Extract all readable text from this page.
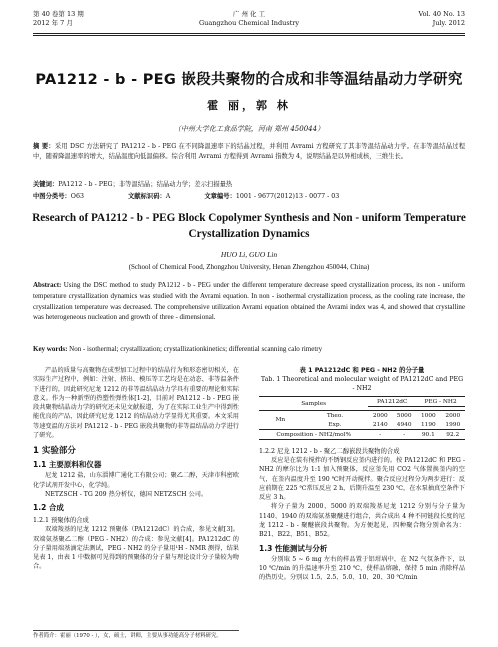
第 40 卷第 13 期
2012 年 7 月
广 州 化 工
Guangzhou Chemical Industry
Vol. 40 No. 13
July. 2012
PA1212 - b - PEG 嵌段共聚物的合成和非等温结晶动力学研究
霍 丽，郭 林
（中州大学化工食品学院，河南 郑州 450044）
摘 要：采用 DSC 方法研究了 PA1212 - b - PEG 在不同降温速率下的结晶过程，并利用 Avrami 方程研究了其非等温结晶动力学。在非等温结晶过程中，随着降温速率的增大，结晶温度向低温偏移。综合利用 Avrami 方程得到 Avrami 指数为 4，说明结晶是以异相成核，三维生长。
关键词：PA1212 - b - PEG；非等温结晶；结晶动力学；差示扫描量热
中图分类号：O63	文献标识码：A	文章编号：1001 - 9677(2012)13 - 0077 - 03
Research of PA1212 - b - PEG Block Copolymer Synthesis and Non - uniform Temperature Crystallization Dynamics
HUO Li, GUO Lin
(School of Chemical Food, Zhongzhou University, Henan Zhengzhou 450044, China)
Abstract: Using the DSC method to study PA1212 - b - PEG under the different temperature decrease speed crystallization process, its non - uniform temperature crystallization dynamics was studied with the Avrami equation. In non - isothermal crystallization process, as the cooling rate increase, the crystallization temperature was decreased. The comprehensive utilization Avrami equation obtained the Avrami index was 4, and showed that crystalline was heterogeneous nucleation and growth of three - dimensional.
Key words: Non - isothermal; crystallization; crystallizationkinetics; differential scanning calo rimetry

产品的质量与高聚物在成型加工过程中的结晶行为和形态密切相关，在实际生产过程中，例如：注射、挤出、模压等工艺均是在动态、非等温条件下进行的，因此研究尼龙 1212 的非等温结晶动力学具有重要的理论和实际意义。作为一种新型的热塑性弹性体[1-2]，目前对 PA1212 - b - PEG 嵌段共聚物结晶动力学的研究还未见文献报道，为了在实际工业生产中得到性能优良的产品，因此研究尼龙 1212 的结晶动力学显得尤其重要。本文采用等速变温的方法对 PA1212 - b - PEG 嵌段共聚物的非等温结晶动力学进行了研究。

1 实验部分
1.1 主要原料和仪器

尼龙 1212 盐，山东淄博广通化工有限公司；聚乙二醇，天津市科密欧化学试剂开发中心，化学纯。

NETZSCH - TG 209 热分析仪，德国 NETZSCH 公司。

1.2 合成
1.2.1 预聚体的合成

双端羧基的尼龙 1212 预聚体（PA1212dC）的合成，参见文献[3]。双端氨基聚乙二醇（PEG - NH2）的合成：参见文献[4]。PA1212dC 的分子量用端基滴定法测试，PEG - NH2 的分子量用¹H - NMR 测得，结果见表 1，由表 1 中数据可见得到的预聚体的分子量与理论设计分子量较为吻合。

表 1 PA1212dC 和 PEG - NH2 的分子量
Tab. 1 Theoretical and molecular weight of PA1212dC and PEG - NH2
Samples		PA1212dC		PEG - NH2	

Mn	Theo.	2000	5000	1000	2000
	Exp.	2140	4940	1190	1990
Composition - NH2/mol%		-	-	90.1	92.2
1.2.2 尼龙 1212 - b - 聚乙二醇嵌段共聚物的合成

反应是在装有搅拌的不锈钢反应釜内进行的。按 PA1212dC 和 PEG - NH2 的摩尔比为 1:1 加入预聚体，反应釜先用 CO2 气体置换釜内的空气，在釜内温度升至 190 ℃时开动搅拌。聚合反应过程分为两步进行：反应前期在 225 ℃常压反应 2 h，后期升温至 230 ℃，在水泵抽真空条件下反应 3 h。

将分子量为 2000、5000 的双端羧基尼龙 1212 分别与分子量为 1140、1940 的双端氨基聚醚进行组合，共合成出 4 种不同链段长度的尼龙 1212 - b - 聚醚嵌段共聚物。为方便起见，四种聚合物分别命名为：B21、B22、B51、B52。

1.3 性能测试与分析

分别取 5 ~ 6 mg 左右的样品置于铝坩埚中，在 N2 气氛条件下，以 10 ℃/min 的升温速率升至 210 ℃，使样品熔融，保持 5 min 消除样品的热历史。分别以 1.5、2.5、5.0、10、20、30 ℃/min

作者简介：霍丽（1970 - ），女，硕士，讲师，主要从事功能高分子材料研究。
